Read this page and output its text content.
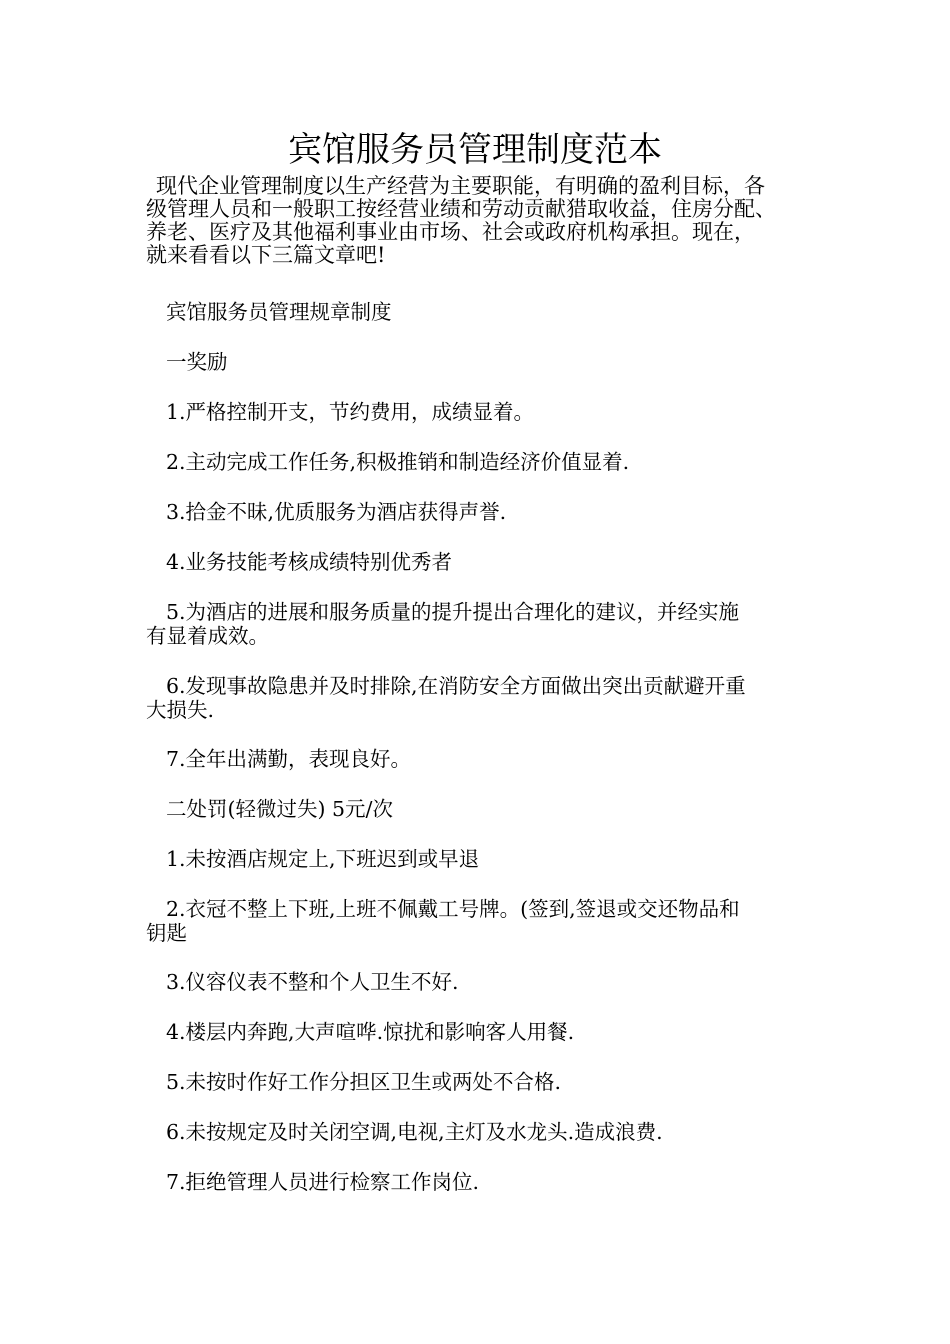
宾馆服务员管理制度范本

现代企业管理制度以生产经营为主要职能，有明确的盈利目标，各
级管理人员和一般职工按经营业绩和劳动贡献猎取收益，住房分配、
养老、医疗及其他福利事业由市场、社会或政府机构承担。现在，
就来看看以下三篇文章吧!

宾馆服务员管理规章制度

一奖励

1.严格控制开支，节约费用，成绩显着。

2.主动完成工作任务,积极推销和制造经济价值显着.

3.拾金不昧,优质服务为酒店获得声誉.

4.业务技能考核成绩特别优秀者

5.为酒店的进展和服务质量的提升提出合理化的建议，并经实施
有显着成效。

6.发现事故隐患并及时排除,在消防安全方面做出突出贡献避开重
大损失.

7.全年出满勤，表现良好。

二处罚(轻微过失) 5元/次

1.未按酒店规定上,下班迟到或早退

2.衣冠不整上下班,上班不佩戴工号牌。(签到,签退或交还物品和
钥匙

3.仪容仪表不整和个人卫生不好.

4.楼层内奔跑,大声喧哗.惊扰和影响客人用餐.

5.未按时作好工作分担区卫生或两处不合格.

6.未按规定及时关闭空调,电视,主灯及水龙头.造成浪费.

7.拒绝管理人员进行检察工作岗位.
